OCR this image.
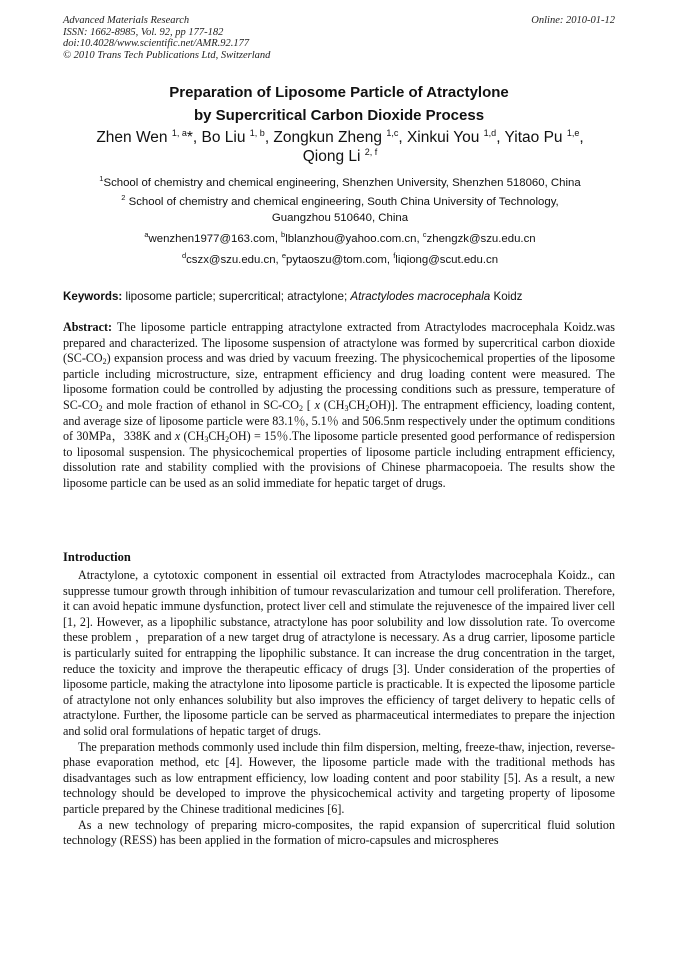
Advanced Materials Research
ISSN: 1662-8985, Vol. 92, pp 177-182
doi:10.4028/www.scientific.net/AMR.92.177
© 2010 Trans Tech Publications Ltd, Switzerland
Online: 2010-01-12
Preparation of Liposome Particle of Atractylone
by Supercritical Carbon Dioxide Process
Zhen Wen $^{1, a}$*, Bo Liu $^{1, b}$, Zongkun Zheng $^{1,c}$, Xinkui You $^{1,d}$, Yitao Pu $^{1,e}$,
Qiong Li $^{2, f}$
$^1$School of chemistry and chemical engineering, Shenzhen University, Shenzhen 518060, China
$^2$ School of chemistry and chemical engineering, South China University of Technology,
Guangzhou 510640, China
$^a$wenzhen1977@163.com, $^b$lblanzhou@yahoo.com.cn, $^c$zhengzk@szu.edu.cn
$^d$cszx@szu.edu.cn, $^e$pytaoszu@tom.com, $^f$liqiong@scut.edu.cn
Keywords: liposome particle; supercritical; atractylone; Atractylodes macrocephala Koidz

Abstract: The liposome particle entrapping atractylone extracted from Atractylodes macrocephala Koidz.was prepared and characterized. The liposome suspension of atractylone was formed by supercritical carbon dioxide $(SC-CO_2)$ expansion process and was dried by vacuum freezing. The physicochemical properties of the liposome particle including microstructure, size, entrapment efficiency and drug loading content were measured. The liposome formation could be controlled by adjusting the processing conditions such as pressure, temperature of $SC-CO_2$ and mole fraction of ethanol in $SC-CO_2$ [ x $(CH_3CH_2OH)$]. The entrapment efficiency, loading content, and average size of liposome particle were 83.1％, 5.1％ and 506.5nm respectively under the optimum conditions of 30MPa，338K and x $(CH_3CH_2OH) = 15$％.The liposome particle presented good performance of redispersion to liposomal suspension. The physicochemical properties of liposome particle including entrapment efficiency, dissolution rate and stability complied with the provisions of Chinese pharmacopoeia. The results show the liposome particle can be used as an solid immediate for hepatic target of drugs.

Introduction

Atractylone, a cytotoxic component in essential oil extracted from Atractylodes macrocephala Koidz., can suppresse tumour growth through inhibition of tumour revascularization and tumour cell proliferation. Therefore, it can avoid hepatic immune dysfunction, protect liver cell and stimulate the rejuvenesce of the impaired liver cell [1, 2]. However, as a lipophilic substance, atractylone has poor solubility and low dissolution rate. To overcome these problem ，preparation of a new target drug of atractylone is necessary. As a drug carrier, liposome particle is particularly suited for entrapping the lipophilic substance. It can increase the drug concentration in the target, reduce the toxicity and improve the therapeutic efficacy of drugs [3]. Under consideration of the properties of liposome particle, making the atractylone into liposome particle is practicable. It is expected the liposome particle of atractylone not only enhances solubility but also improves the efficiency of target delivery to hepatic cells of atractylone. Further, the liposome particle can be served as pharmaceutical intermediates to prepare the injection and solid oral formulations of hepatic target of drugs.

The preparation methods commonly used include thin film dispersion, melting, freeze-thaw, injection, reverse-phase evaporation method, etc [4]. However, the liposome particle made with the traditional methods has disadvantages such as low entrapment efficiency, low loading content and poor stability [5]. As a result, a new technology should be developed to improve the physicochemical activity and targeting property of liposome particle prepared by the Chinese traditional medicines [6].

As a new technology of preparing micro-composites, the rapid expansion of supercritical fluid solution technology (RESS) has been applied in the formation of micro-capsules and microspheres
